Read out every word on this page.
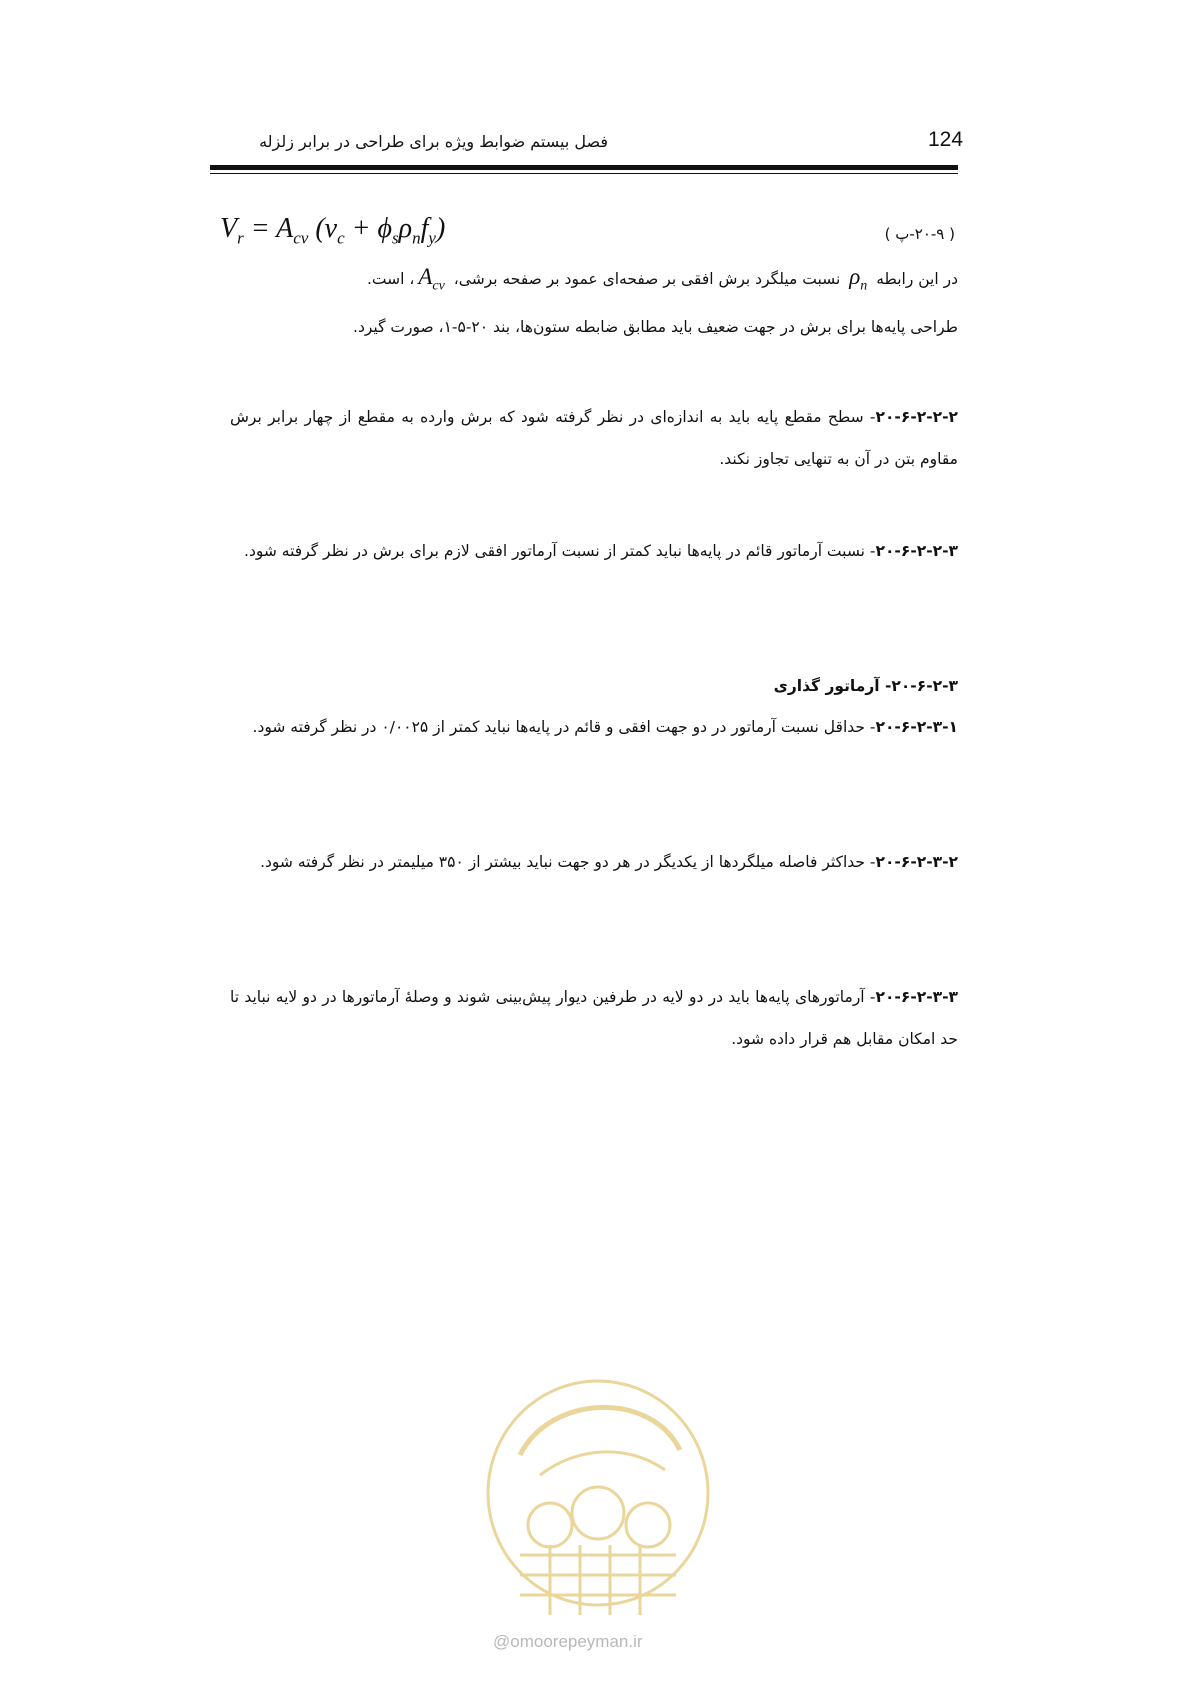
124
فصل بیستم ضوابط ویژه برای طراحی در برابر زلزله
$V_r = A_{cv}$ $(v_c + \phi_s\rho_nf_y)$	( ۲۰-۹-پ )
در این رابطه $\rho_n$ نسبت میلگرد برش افقی بر صفحه‌ای عمود بر صفحه برشی، $A_{cv}،$ است.
طراحی پایه‌ها برای برش در جهت ضعیف باید مطابق ضابطه ستون‌ها، بند ۲۰-۵-۱، صورت گیرد.
۲۰-۶-۲-۲-۲- سطح مقطع پایه باید به اندازه‌ای در نظر گرفته شود که برش وارده به مقطع از چهار برابر برش مقاوم بتن در آن به تنهایی تجاوز نکند.
۲۰-۶-۲-۲-۳- نسبت آرماتور قائم در پایه‌ها نباید کمتر از نسبت آرماتور افقی لازم برای برش در نظر گرفته شود.
۲۰-۶-۲-۳- آرماتور گذاری
۲۰-۶-۲-۳-۱- حداقل نسبت آرماتور در دو جهت افقی و قائم در پایه‌ها نباید کمتر از ۰/۰۰۲۵ در نظر گرفته شود.
۲۰-۶-۲-۳-۲- حداکثر فاصله میلگردها از یکدیگر در هر دو جهت نباید بیشتر از ۳۵۰ میلیمتر در نظر گرفته شود.
۲۰-۶-۲-۳-۳- آرماتورهای پایه‌ها باید در دو لایه در طرفین دیوار پیش‌بینی شوند و وصلهٔ آرماتورها در دو لایه نباید تا حد امکان مقابل هم قرار داده شود.
@omoorepeyman.ir
